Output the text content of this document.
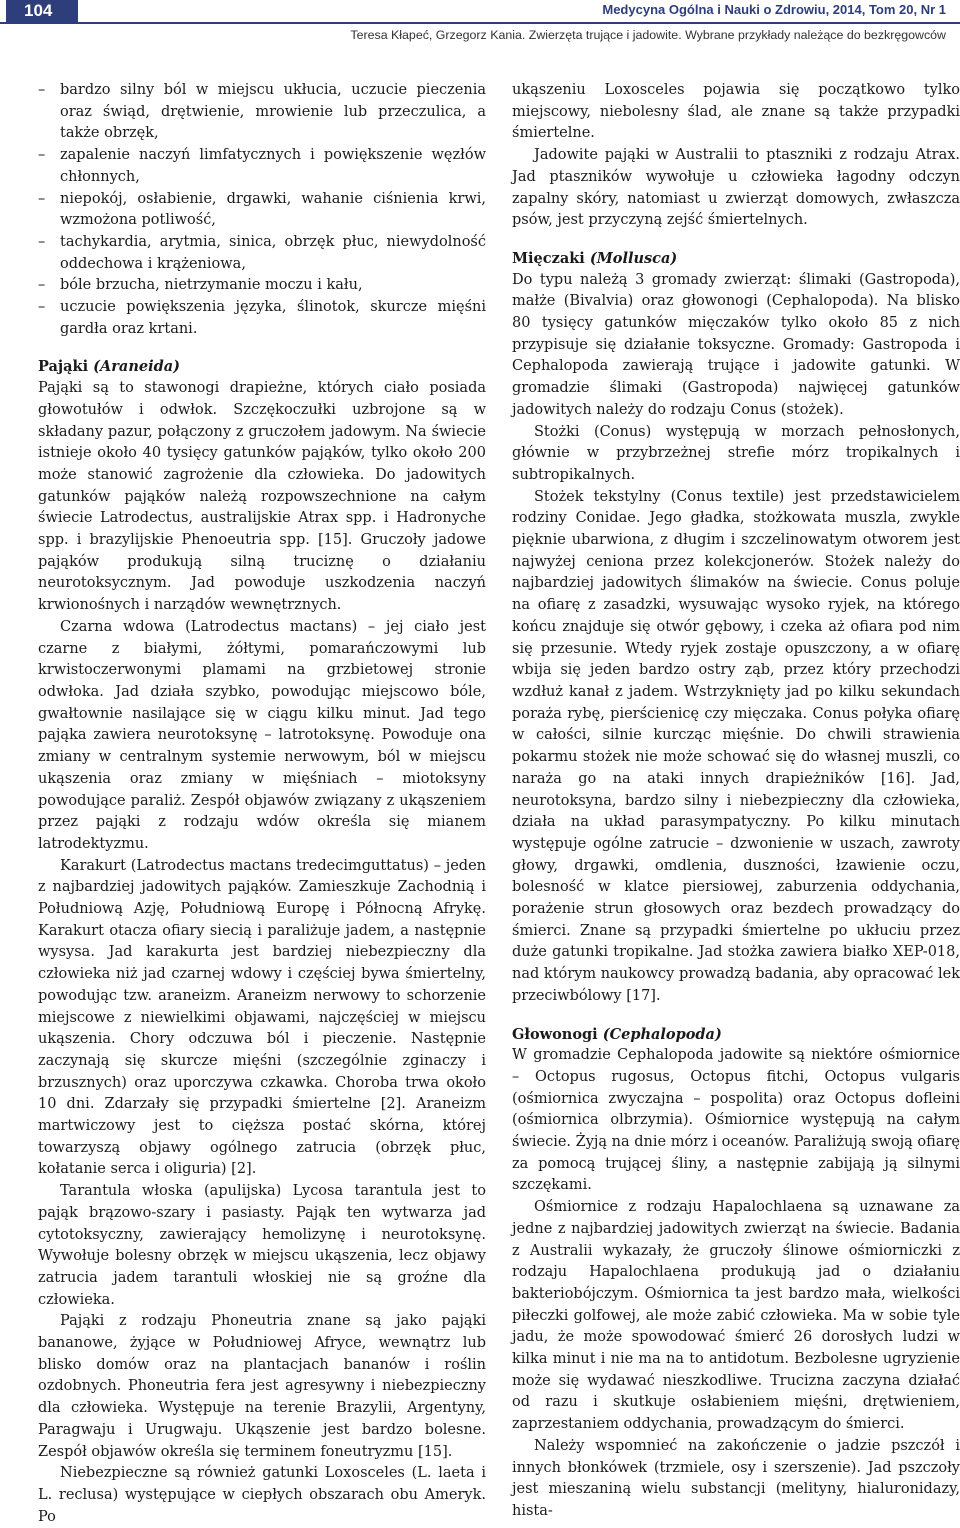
104	Medycyna Ogólna i Nauki o Zdrowiu, 2014, Tom 20, Nr 1
Teresa Kłapeć, Grzegorz Kania. Zwierzęta trujące i jadowite. Wybrane przykłady należące do bezkręgowców
– bardzo silny ból w miejscu ukłucia, uczucie pieczenia oraz świąd, drętwienie, mrowienie lub przeczulica, a także obrzęk,
– zapalenie naczyń limfatycznych i powiększenie węzłów chłonnych,
– niepokój, osłabienie, drgawki, wahanie ciśnienia krwi, wzmożona potliwość,
– tachykardia, arytmia, sinica, obrzęk płuc, niewydolność oddechowa i krążeniowa,
– bóle brzucha, nietrzymanie moczu i kału,
– uczucie powiększenia języka, ślinotok, skurcze mięśni gardła oraz krtani.
Pająki (Araneida)

Pająki są to stawonogi drapieżne, których ciało posiada głowotułów i odwłok. Szczękoczułki uzbrojone są w składany pazur, połączony z gruczołem jadowym. Na świecie istnieje około 40 tysięcy gatunków pająków, tylko około 200 może stanowić zagrożenie dla człowieka. Do jadowitych gatunków pająków należą rozpowszechnione na całym świecie Latrodectus, australijskie Atrax spp. i Hadronyche spp. i brazylijskie Phenoeutria spp. [15]. Gruczoły jadowe pająków produkują silną truciznę o działaniu neurotoksycznym. Jad powoduje uszkodzenia naczyń krwionośnych i narządów wewnętrznych.

Czarna wdowa (Latrodectus mactans) – jej ciało jest czarne z białymi, żółtymi, pomarańczowymi lub krwistoczerwonymi plamami na grzbietowej stronie odwłoka. Jad działa szybko, powodując miejscowo bóle, gwałtownie nasilające się w ciągu kilku minut. Jad tego pająka zawiera neurotoksynę – latrotoksynę. Powoduje ona zmiany w centralnym systemie nerwowym, ból w miejscu ukąszenia oraz zmiany w mięśniach – miotoksyny powodujące paraliż. Zespół objawów związany z ukąszeniem przez pająki z rodzaju wdów określa się mianem latrodektyzmu.

Karakurt (Latrodectus mactans tredecimguttatus) – jeden z najbardziej jadowitych pająków. Zamieszkuje Zachodnią i Południową Azję, Południową Europę i Północną Afrykę. Karakurt otacza ofiary siecią i paraliżuje jadem, a następnie wysysa. Jad karakurta jest bardziej niebezpieczny dla człowieka niż jad czarnej wdowy i częściej bywa śmiertelny, powodując tzw. araneizm. Araneizm nerwowy to schorzenie miejscowe z niewielkimi objawami, najczęściej w miejscu ukąszenia. Chory odczuwa ból i pieczenie. Następnie zaczynają się skurcze mięśni (szczególnie zginaczy i brzusznych) oraz uporczywa czkawka. Choroba trwa około 10 dni. Zdarzały się przypadki śmiertelne [2]. Araneizm martwiczowy jest to cięższa postać skórna, której towarzyszą objawy ogólnego zatrucia (obrzęk płuc, kołatanie serca i oliguria) [2].

Tarantula włoska (apulijska) Lycosa tarantula jest to pająk brązowo-szary i pasiasty. Pająk ten wytwarza jad cytotoksyczny, zawierający hemolizynę i neurotoksynę. Wywołuje bolesny obrzęk w miejscu ukąszenia, lecz objawy zatrucia jadem tarantuli włoskiej nie są groźne dla człowieka.

Pająki z rodzaju Phoneutria znane są jako pająki bananowe, żyjące w Południowej Afryce, wewnątrz lub blisko domów oraz na plantacjach bananów i roślin ozdobnych. Phoneutria fera jest agresywny i niebezpieczny dla człowieka. Występuje na terenie Brazylii, Argentyny, Paragwaju i Urugwaju. Ukąszenie jest bardzo bolesne. Zespół objawów określa się terminem foneutryzmu [15].

Niebezpieczne są również gatunki Loxosceles (L. laeta i L. reclusa) występujące w ciepłych obszarach obu Ameryk. Po

ukąszeniu Loxosceles pojawia się początkowo tylko miejscowy, niebolesny ślad, ale znane są także przypadki śmiertelne.

Jadowite pająki w Australii to ptaszniki z rodzaju Atrax. Jad ptaszników wywołuje u człowieka łagodny odczyn zapalny skóry, natomiast u zwierząt domowych, zwłaszcza psów, jest przyczyną zejść śmiertelnych.

Mięczaki (Mollusca)

Do typu należą 3 gromady zwierząt: ślimaki (Gastropoda), małże (Bivalvia) oraz głowonogi (Cephalopoda). Na blisko 80 tysięcy gatunków mięczaków tylko około 85 z nich przypisuje się działanie toksyczne. Gromady: Gastropoda i Cephalopoda zawierają trujące i jadowite gatunki. W gromadzie ślimaki (Gastropoda) najwięcej gatunków jadowitych należy do rodzaju Conus (stożek).

Stożki (Conus) występują w morzach pełnosłonych, głównie w przybrzeżnej strefie mórz tropikalnych i subtropikalnych.

Stożek tekstylny (Conus textile) jest przedstawicielem rodziny Conidae. Jego gładka, stożkowata muszla, zwykle pięknie ubarwiona, z długim i szczelinowatym otworem jest najwyżej ceniona przez kolekcjonerów. Stożek należy do najbardziej jadowitych ślimaków na świecie. Conus poluje na ofiarę z zasadzki, wysuwając wysoko ryjek, na którego końcu znajduje się otwór gębowy, i czeka aż ofiara pod nim się przesunie. Wtedy ryjek zostaje opuszczony, a w ofiarę wbija się jeden bardzo ostry ząb, przez który przechodzi wzdłuż kanał z jadem. Wstrzyknięty jad po kilku sekundach poraża rybę, pierścienicę czy mięczaka. Conus połyka ofiarę w całości, silnie kurcząc mięśnie. Do chwili strawienia pokarmu stożek nie może schować się do własnej muszli, co naraża go na ataki innych drapieżników [16]. Jad, neurotoksyna, bardzo silny i niebezpieczny dla człowieka, działa na układ parasympatyczny. Po kilku minutach występuje ogólne zatrucie – dzwonienie w uszach, zawroty głowy, drgawki, omdlenia, duszności, łzawienie oczu, bolesność w klatce piersiowej, zaburzenia oddychania, porażenie strun głosowych oraz bezdech prowadzący do śmierci. Znane są przypadki śmiertelne po ukłuciu przez duże gatunki tropikalne. Jad stożka zawiera białko XEP-018, nad którym naukowcy prowadzą badania, aby opracować lek przeciwbólowy [17].

Głowonogi (Cephalopoda)

W gromadzie Cephalopoda jadowite są niektóre ośmiornice – Octopus rugosus, Octopus fitchi, Octopus vulgaris (ośmiornica zwyczajna – pospolita) oraz Octopus dofleini (ośmiornica olbrzymia). Ośmiornice występują na całym świecie. Żyją na dnie mórz i oceanów. Paraliżują swoją ofiarę za pomocą trującej śliny, a następnie zabijają ją silnymi szczękami.

Ośmiornice z rodzaju Hapalochlaena są uznawane za jedne z najbardziej jadowitych zwierząt na świecie. Badania z Australii wykazały, że gruczoły ślinowe ośmiorniczki z rodzaju Hapalochlaena produkują jad o działaniu bakteriobójczym. Ośmiornica ta jest bardzo mała, wielkości piłeczki golfowej, ale może zabić człowieka. Ma w sobie tyle jadu, że może spowodować śmierć 26 dorosłych ludzi w kilka minut i nie ma na to antidotum. Bezbolesne ugryzienie może się wydawać nieszkodliwe. Trucizna zaczyna działać od razu i skutkuje osłabieniem mięśni, drętwieniem, zaprzestaniem oddychania, prowadzącym do śmierci.

Należy wspomnieć na zakończenie o jadzie pszczół i innych błonkówek (trzmiele, osy i szerszenie). Jad pszczoły jest mieszaniną wielu substancji (melityny, hialuronidazy, hista-
